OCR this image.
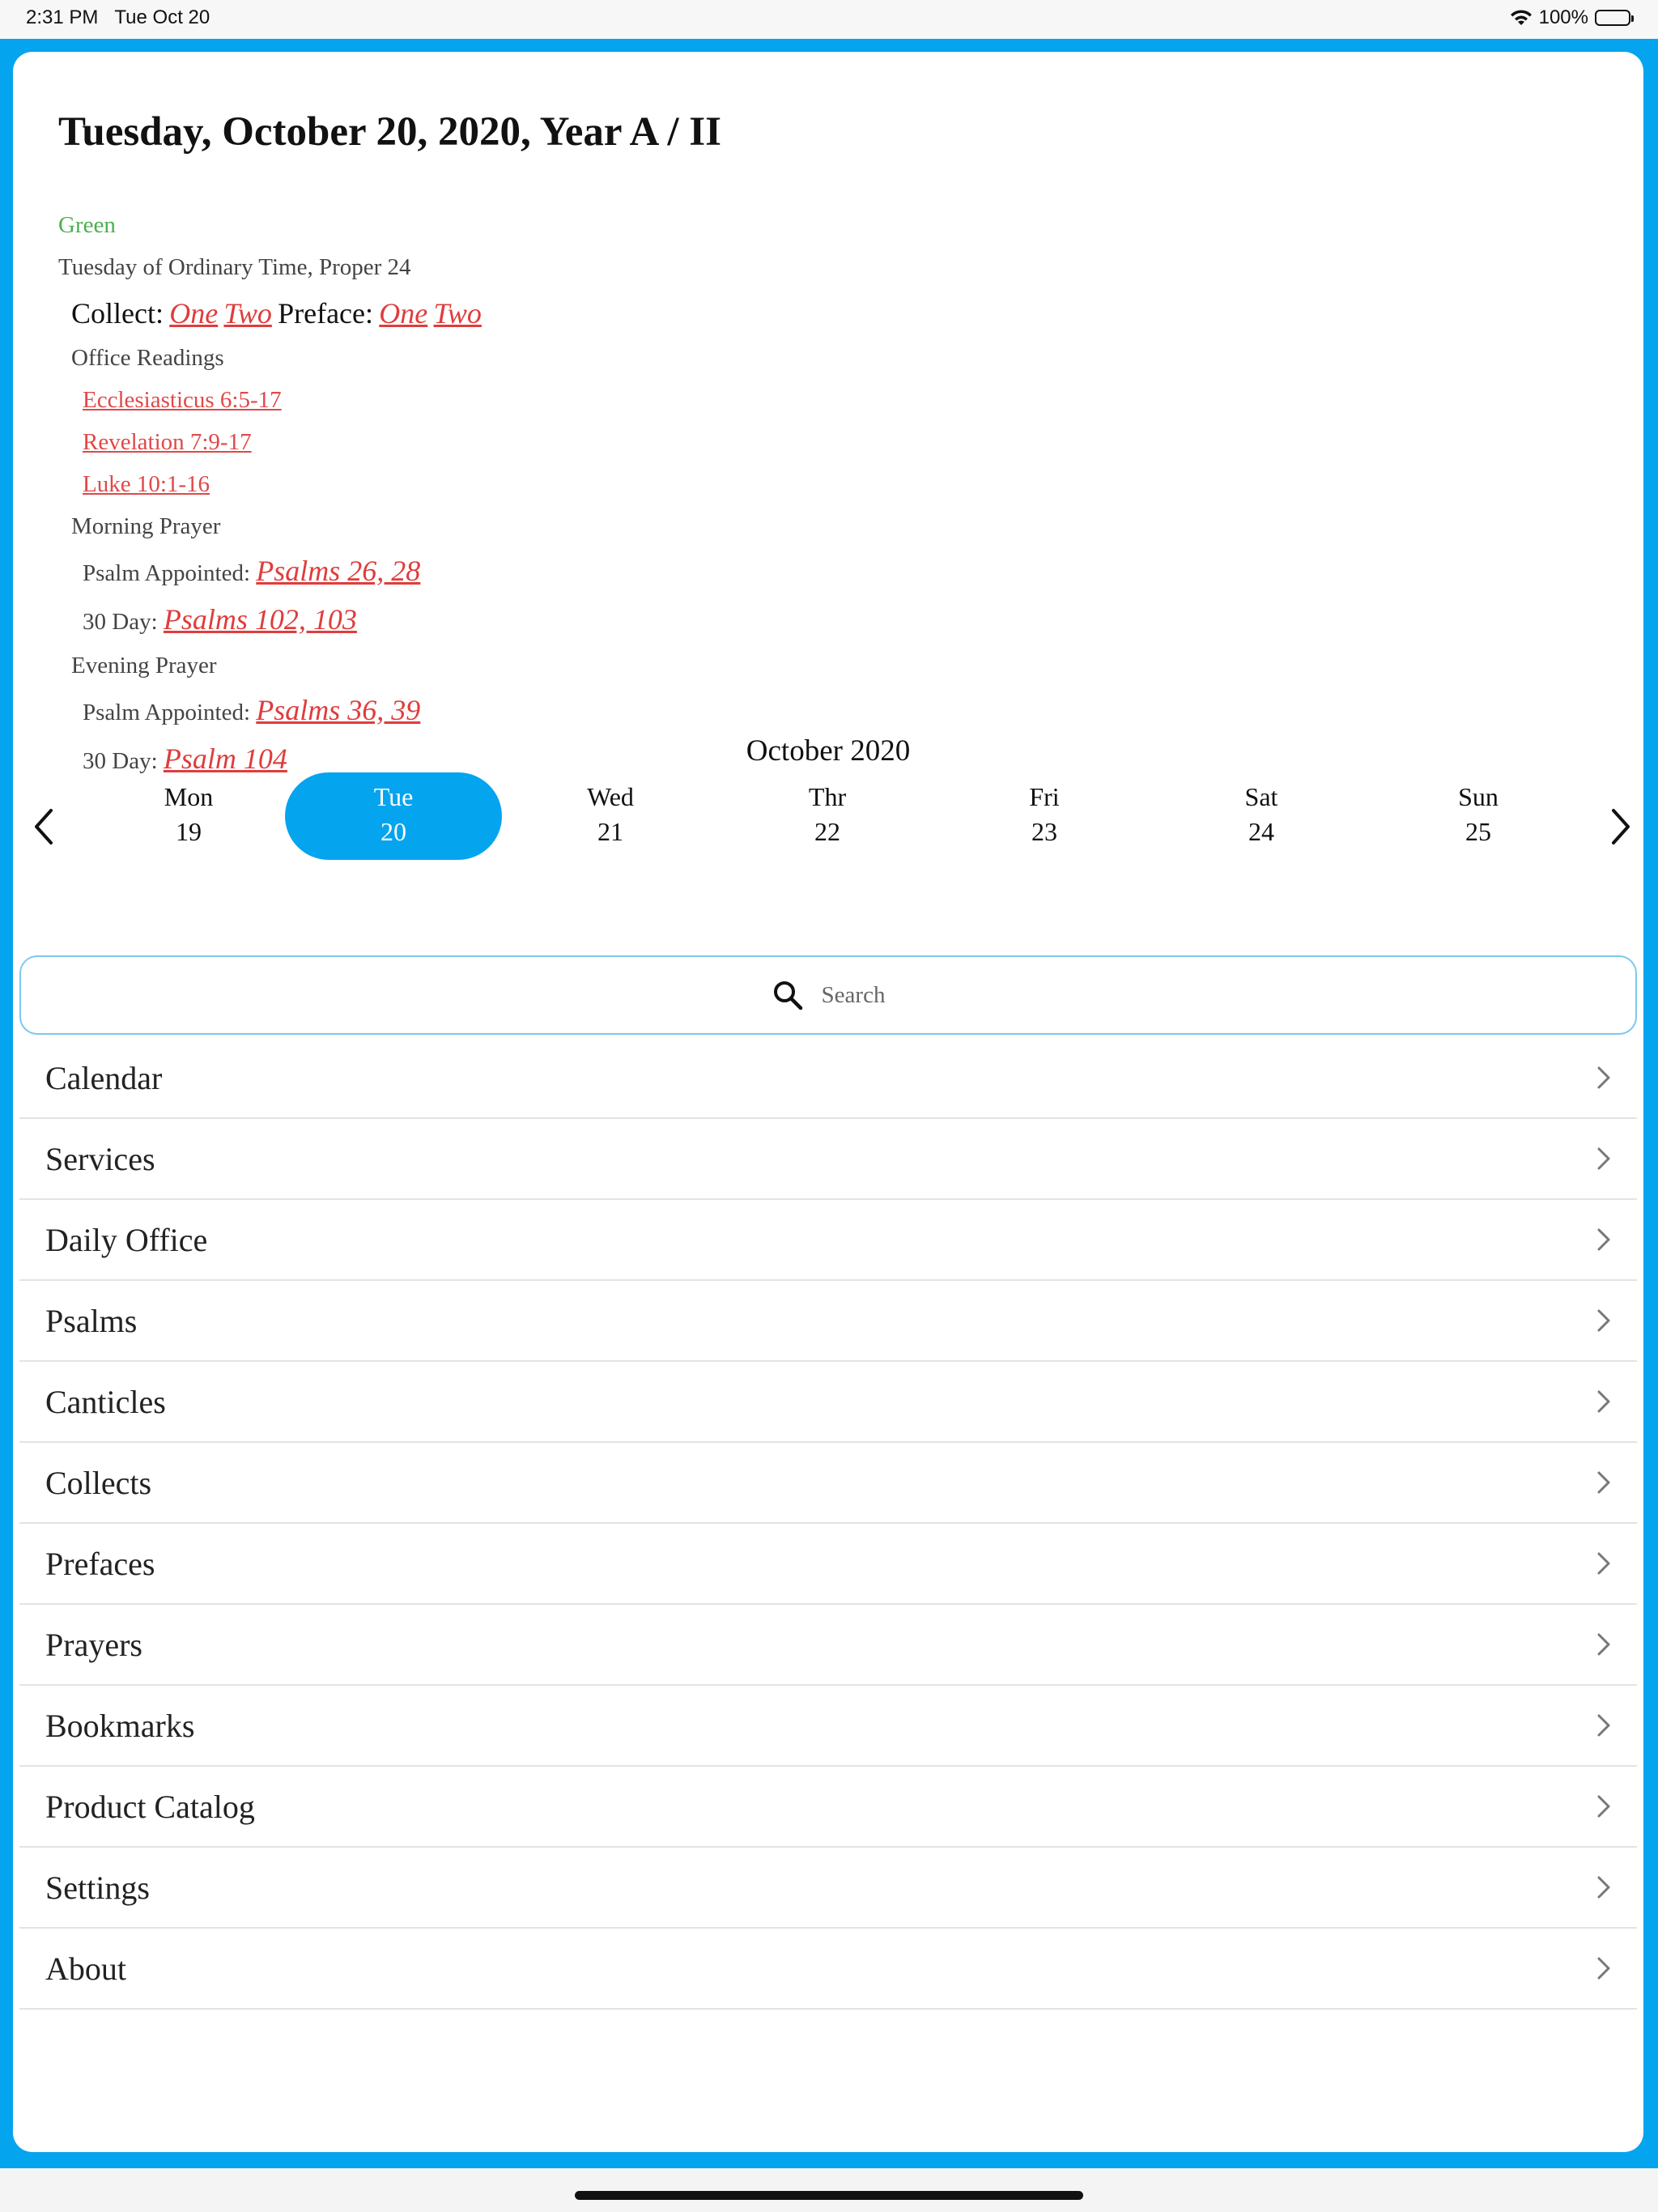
2:31 PM Tue Oct 20	100%
Tuesday, October 20, 2020, Year A / II
Green
Tuesday of Ordinary Time, Proper 24
Collect: One Two Preface: One Two
Office Readings
Ecclesiasticus 6:5-17
Revelation 7:9-17
Luke 10:1-16
Morning Prayer
Psalm Appointed: Psalms 26, 28
30 Day: Psalms 102, 103
Evening Prayer
Psalm Appointed: Psalms 36, 39
30 Day: Psalm 104	October 2020
Mon
19
Tue
20
Wed
21
Thr
22
Fri
23
Sat
24
Sun
25
Search
Calendar
Services
Daily Office
Psalms
Canticles
Collects
Prefaces
Prayers
Bookmarks
Product Catalog
Settings
About
